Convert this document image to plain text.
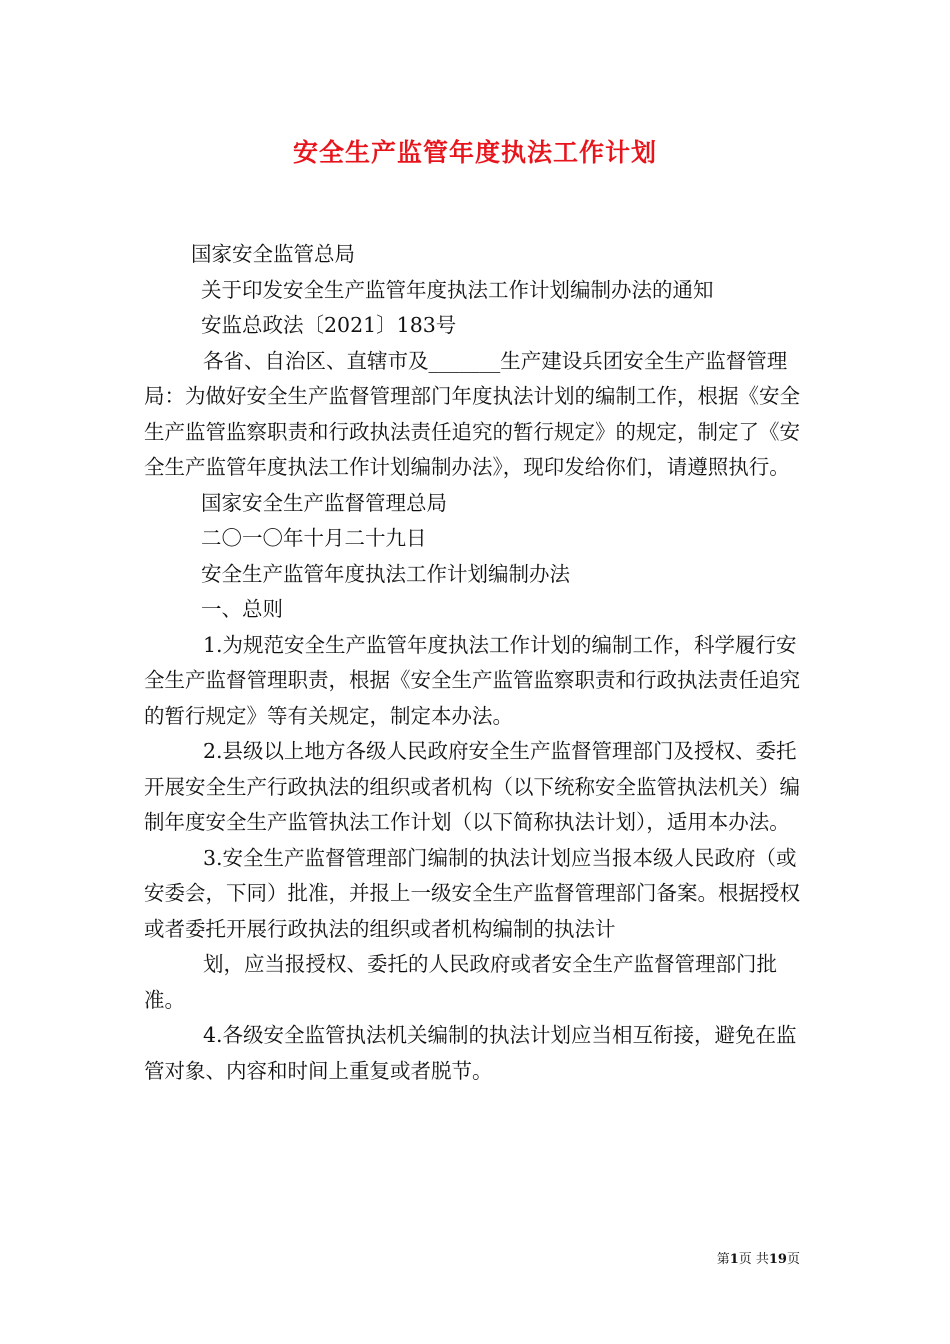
安全生产监管年度执法工作计划

国家安全监管总局

关于印发安全生产监管年度执法工作计划编制办法的通知

安监总政法〔2021〕183号

各省、自治区、直辖市及_______生产建设兵团安全生产监督管理局：为做好安全生产监督管理部门年度执法计划的编制工作，根据《安全生产监管监察职责和行政执法责任追究的暂行规定》的规定，制定了《安全生产监管年度执法工作计划编制办法》，现印发给你们，请遵照执行。

国家安全生产监督管理总局

二〇一〇年十月二十九日

安全生产监管年度执法工作计划编制办法

一、总则

1.为规范安全生产监管年度执法工作计划的编制工作，科学履行安全生产监督管理职责，根据《安全生产监管监察职责和行政执法责任追究的暂行规定》等有关规定，制定本办法。

2.县级以上地方各级人民政府安全生产监督管理部门及授权、委托开展安全生产行政执法的组织或者机构（以下统称安全监管执法机关）编制年度安全生产监管执法工作计划（以下简称执法计划），适用本办法。

3.安全生产监督管理部门编制的执法计划应当报本级人民政府（或安委会，下同）批准，并报上一级安全生产监督管理部门备案。根据授权或者委托开展行政执法的组织或者机构编制的执法计

划，应当报授权、委托的人民政府或者安全生产监督管理部门批准。

4.各级安全监管执法机关编制的执法计划应当相互衔接，避免在监管对象、内容和时间上重复或者脱节。

第1页 共19页
